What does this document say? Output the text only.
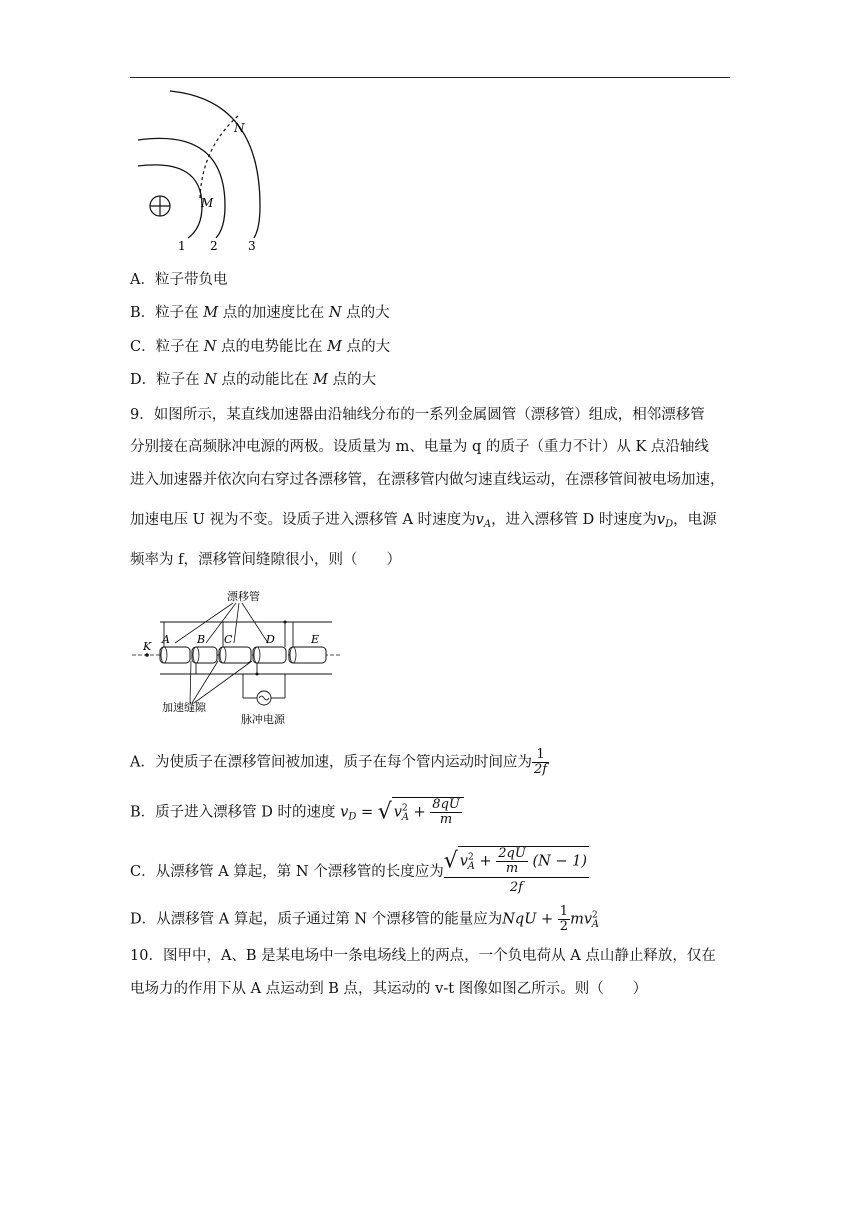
M
N
1 2	3
A．粒子带负电
B．粒子在 M 点的加速度比在 N 点的大
C．粒子在 N 点的电势能比在 M 点的大
D．粒子在 N 点的动能比在 M 点的大
9．如图所示，某直线加速器由沿轴线分布的一系列金属圆管（漂移管）组成，相邻漂移管
分别接在高频脉冲电源的两极。设质量为 m、电量为 q 的质子（重力不计）从 K 点沿轴线
进入加速器并依次向右穿过各漂移管，在漂移管内做匀速直线运动，在漂移管间被电场加速，
加速电压 U 视为不变。设质子进入漂移管 A 时速度为$v_A$，进入漂移管 D 时速度为$v_D$，电源
频率为 f，漂移管间缝隙很小，则（　　）
漂移管
K
A B C	D	E
加速缝隙
脉冲电源
A．为使质子在漂移管间被加速，质子在每个管内运动时间应为 $\frac{1}{2f}$
B．质子进入漂移管 D 时的速度 $v_D$ = √ $v^2_A + \frac{8qU}{m}$
C．从漂移管 A 算起，第 N 个漂移管的长度应为 √ $v^2_A + \frac{2qU}{m} (N - 1)$
2f
D．从漂移管 A 算起，质子通过第 N 个漂移管的能量应为NqU + $\frac{1}{2} mv^2_A$
10．图甲中，A、B 是某电场中一条电场线上的两点，一个负电荷从 A 点山静止释放，仅在
电场力的作用下从 A 点运动到 B 点，其运动的 v-t 图像如图乙所示。则（　　）
